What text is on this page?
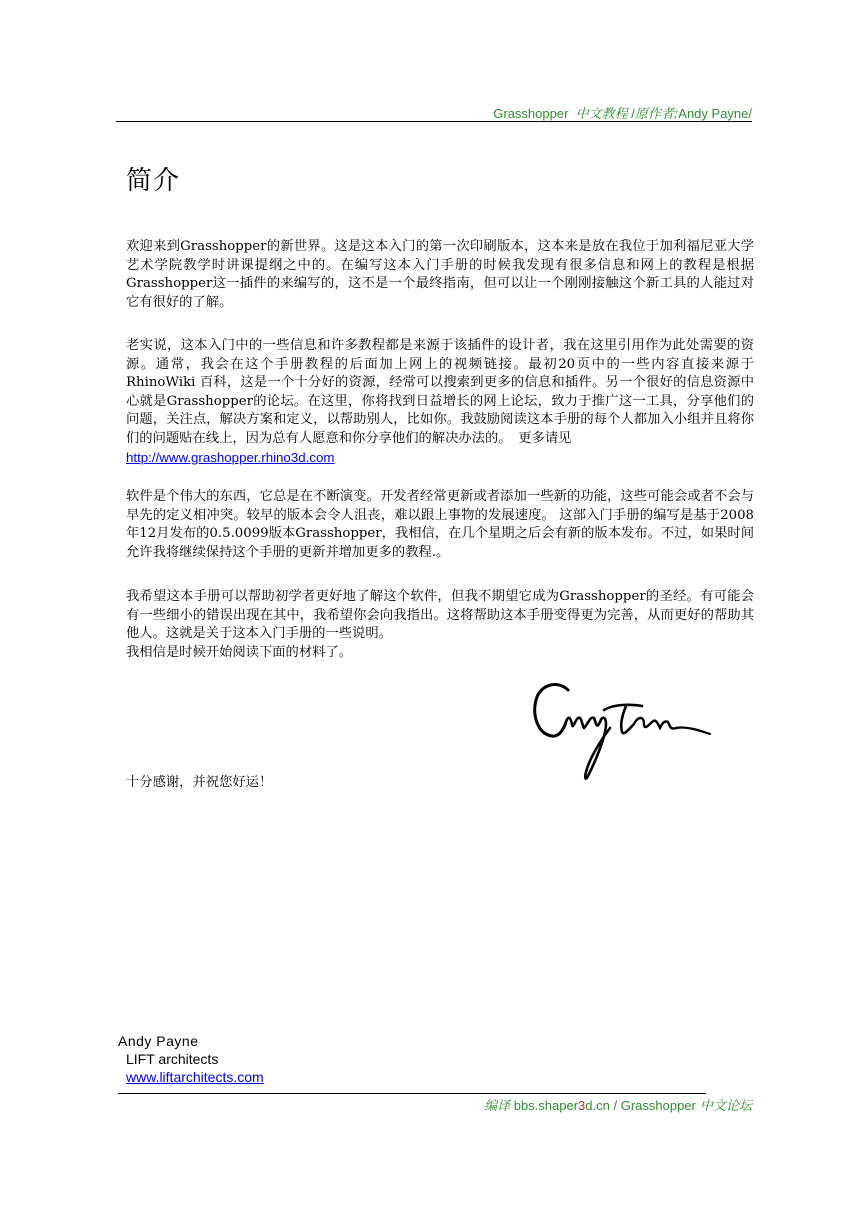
Grasshopper 中文教程 /原作者:Andy Payne/
简介
欢迎来到Grasshopper的新世界。这是这本入门的第一次印刷版本，这本来是放在我位于加利福尼亚大学艺术学院教学时讲课提纲之中的。在编写这本入门手册的时候我发现有很多信息和网上的教程是根据Grasshopper这一插件的来编写的，这不是一个最终指南，但可以让一个刚刚接触这个新工具的人能过对它有很好的了解。
老实说，这本入门中的一些信息和许多教程都是来源于该插件的设计者，我在这里引用作为此处需要的资源。通常，我会在这个手册教程的后面加上网上的视频链接。最初20页中的一些内容直接来源于RhinoWiki 百科，这是一个十分好的资源，经常可以搜索到更多的信息和插件。另一个很好的信息资源中心就是Grasshopper的论坛。在这里，你将找到日益增长的网上论坛，致力于推广这一工具，分享他们的问题，关注点，解决方案和定义，以帮助别人，比如你。我鼓励阅读这本手册的每个人都加入小组并且将你们的问题贴在线上，因为总有人愿意和你分享他们的解决办法的。　更多请见
http://www.grashopper.rhino3d.com
软件是个伟大的东西，它总是在不断演变。开发者经常更新或者添加一些新的功能，这些可能会或者不会与早先的定义相冲突。较早的版本会令人沮丧，难以跟上事物的发展速度。 这部入门手册的编写是基于2008年12月发布的0.5.0099版本Grasshopper，我相信，在几个星期之后会有新的版本发布。不过，如果时间允许我将继续保持这个手册的更新并增加更多的教程.。
我希望这本手册可以帮助初学者更好地了解这个软件，但我不期望它成为Grasshopper的圣经。有可能会有一些细小的错误出现在其中，我希望你会向我指出。这将帮助这本手册变得更为完善，从而更好的帮助其他人。这就是关于这本入门手册的一些说明。
我相信是时候开始阅读下面的材料了。
十分感谢，并祝您好运！
Andy Payne
LIFT architects
www.liftarchitects.com
编译 bbs.shaper3d.cn / Grasshopper 中文论坛
